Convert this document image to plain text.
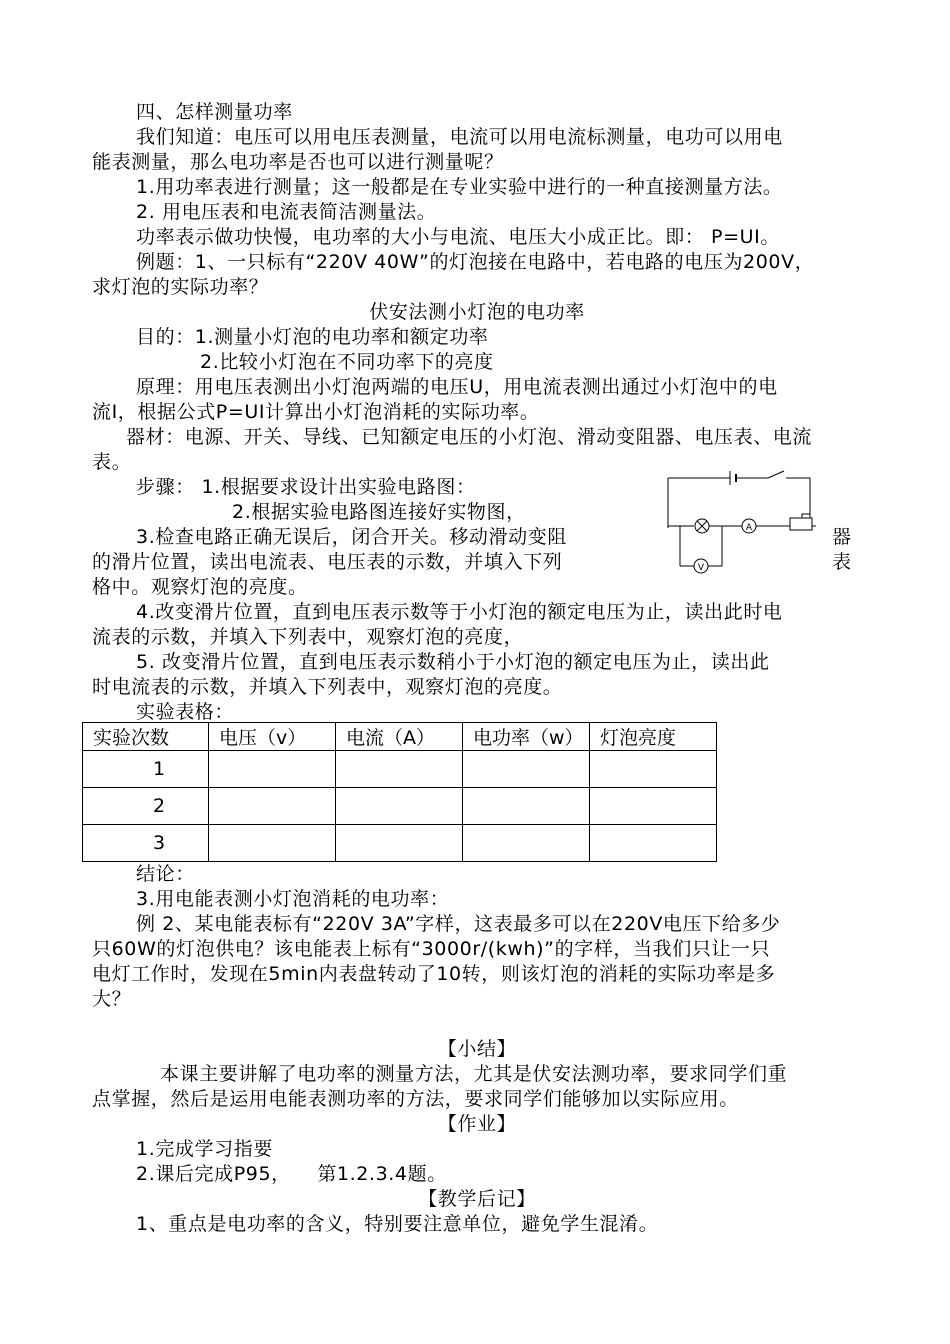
四、怎样测量功率
我们知道：电压可以用电压表测量，电流可以用电流标测量，电功可以用电
能表测量，那么电功率是否也可以进行测量呢？
1.用功率表进行测量；这一般都是在专业实验中进行的一种直接测量方法。
2. 用电压表和电流表简洁测量法。
功率表示做功快慢，电功率的大小与电流、电压大小成正比。即： P=UI。
例题：1、一只标有“220V 40W”的灯泡接在电路中，若电路的电压为200V，
求灯泡的实际功率？
伏安法测小灯泡的电功率
目的：1.测量小灯泡的电功率和额定功率
2.比较小灯泡在不同功率下的亮度
原理：用电压表测出小灯泡两端的电压U，用电流表测出通过小灯泡中的电
流I，根据公式P=UI计算出小灯泡消耗的实际功率。
器材：电源、开关、导线、已知额定电压的小灯泡、滑动变阻器、电压表、电流
表。
步骤： 1.根据要求设计出实验电路图：
2.根据实验电路图连接好实物图，
3.检查电路正确无误后，闭合开关。移动滑动变阻	器
的滑片位置，读出电流表、电压表的示数，并填入下列	表
格中。观察灯泡的亮度。
4.改变滑片位置，直到电压表示数等于小灯泡的额定电压为止，读出此时电
流表的示数，并填入下列表中，观察灯泡的亮度，
5. 改变滑片位置，直到电压表示数稍小于小灯泡的额定电压为止，读出此
时电流表的示数，并填入下列表中，观察灯泡的亮度。
实验表格：
A
V
实验次数	电压（v）	电流（A）	电功率（w）	灯泡亮度
1				
2				
3				
结论：
3.用电能表测小灯泡消耗的电功率：
例 2、某电能表标有“220V 3A”字样，这表最多可以在220V电压下给多少
只60W的灯泡供电？该电能表上标有“3000r/(kwh)”的字样，当我们只让一只
电灯工作时，发现在5min内表盘转动了10转，则该灯泡的消耗的实际功率是多
大？
【小结】
本课主要讲解了电功率的测量方法，尤其是伏安法测功率，要求同学们重
点掌握，然后是运用电能表测功率的方法，要求同学们能够加以实际应用。
【作业】
1.完成学习指要
2.课后完成P95，    第1.2.3.4题。
【教学后记】
1、重点是电功率的含义，特别要注意单位，避免学生混淆。
